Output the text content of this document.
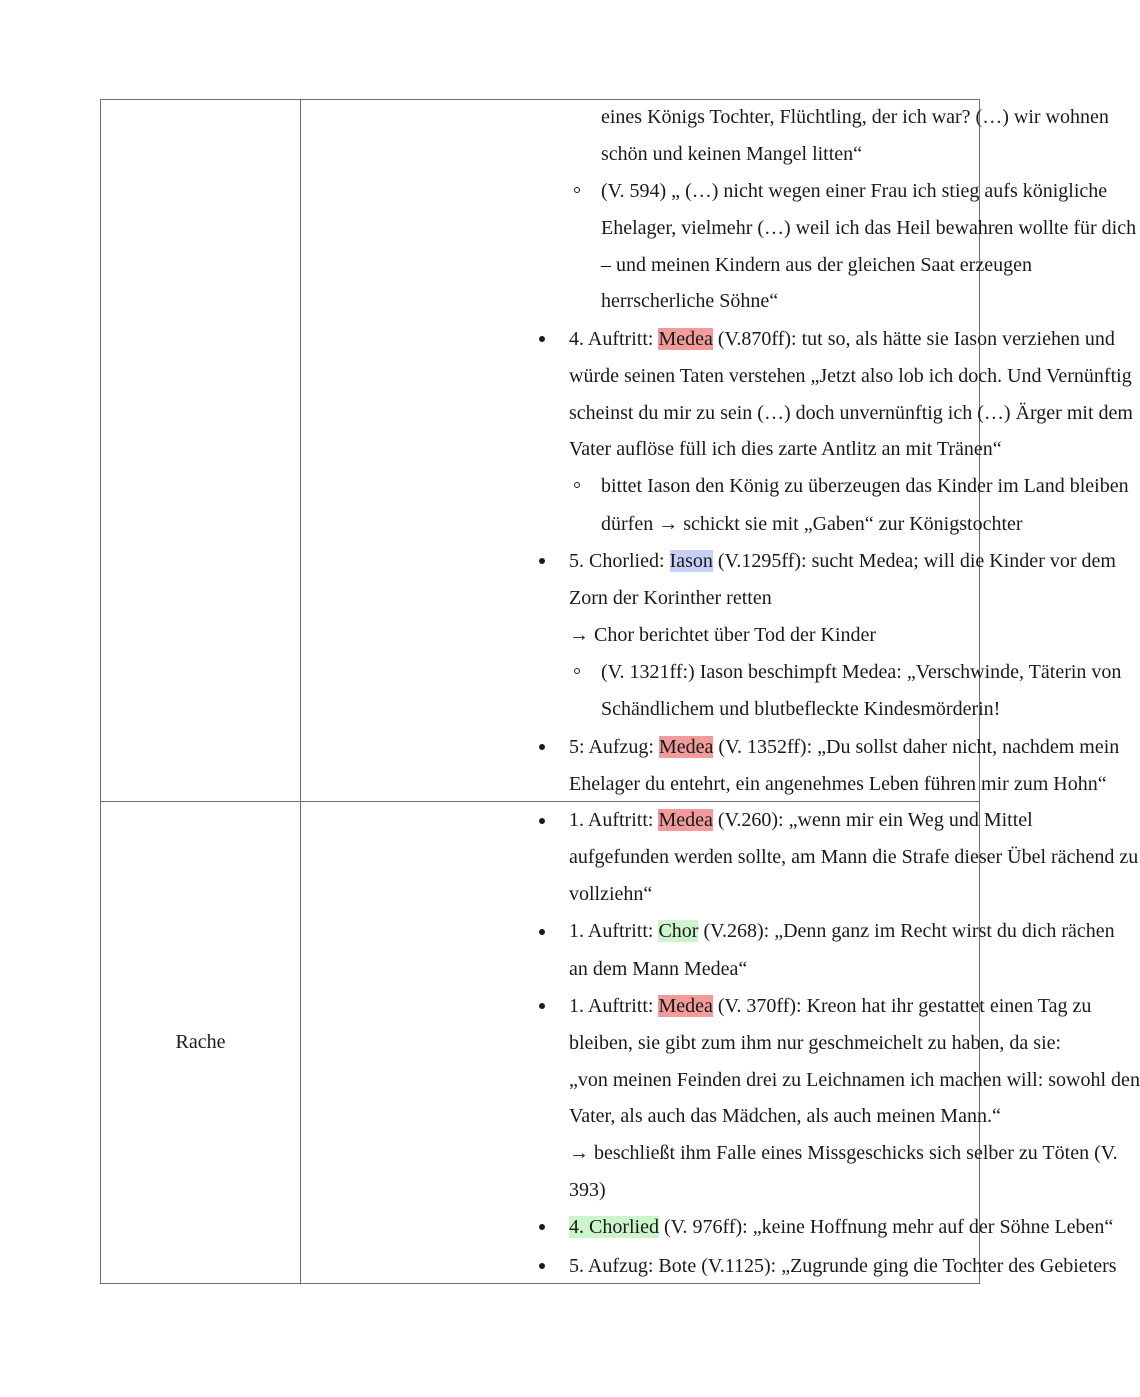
eines Königs Tochter, Flüchtling, der ich war? (…) wir wohnen
schön und keinen Mangel litten“
(V. 594) „ (…) nicht wegen einer Frau ich stieg aufs königliche
Ehelager, vielmehr (…) weil ich das Heil bewahren wollte für dich
– und meinen Kindern aus der gleichen Saat erzeugen
herrscherliche Söhne“
4. Auftritt: Medea (V.870ff): tut so, als hätte sie Iason verziehen und
würde seinen Taten verstehen „Jetzt also lob ich doch. Und Vernünftig
scheinst du mir zu sein (…) doch unvernünftig ich (…) Ärger mit dem
Vater auflöse füll ich dies zarte Antlitz an mit Tränen“
bittet Iason den König zu überzeugen das Kinder im Land bleiben
dürfen → schickt sie mit „Gaben“ zur Königstochter
5. Chorlied: Iason (V.1295ff): sucht Medea; will die Kinder vor dem
Zorn der Korinther retten
→ Chor berichtet über Tod der Kinder
(V. 1321ff:) Iason beschimpft Medea: „Verschwinde, Täterin von
Schändlichem und blutbefleckte Kindesmörderin!
5: Aufzug: Medea (V. 1352ff): „Du sollst daher nicht, nachdem mein
Ehelager du entehrt, ein angenehmes Leben führen mir zum Hohn“
Rache
1. Auftritt: Medea (V.260): „wenn mir ein Weg und Mittel
aufgefunden werden sollte, am Mann die Strafe dieser Übel rächend zu
vollziehn“
1. Auftritt: Chor (V.268): „Denn ganz im Recht wirst du dich rächen
an dem Mann Medea“
1. Auftritt: Medea (V. 370ff): Kreon hat ihr gestattet einen Tag zu
bleiben, sie gibt zum ihm nur geschmeichelt zu haben, da sie:
„von meinen Feinden drei zu Leichnamen ich machen will: sowohl den
Vater, als auch das Mädchen, als auch meinen Mann.“
→ beschließt ihm Falle eines Missgeschicks sich selber zu Töten (V.
393)
4. Chorlied (V. 976ff): „keine Hoffnung mehr auf der Söhne Leben“
5. Aufzug: Bote (V.1125): „Zugrunde ging die Tochter des Gebieters
